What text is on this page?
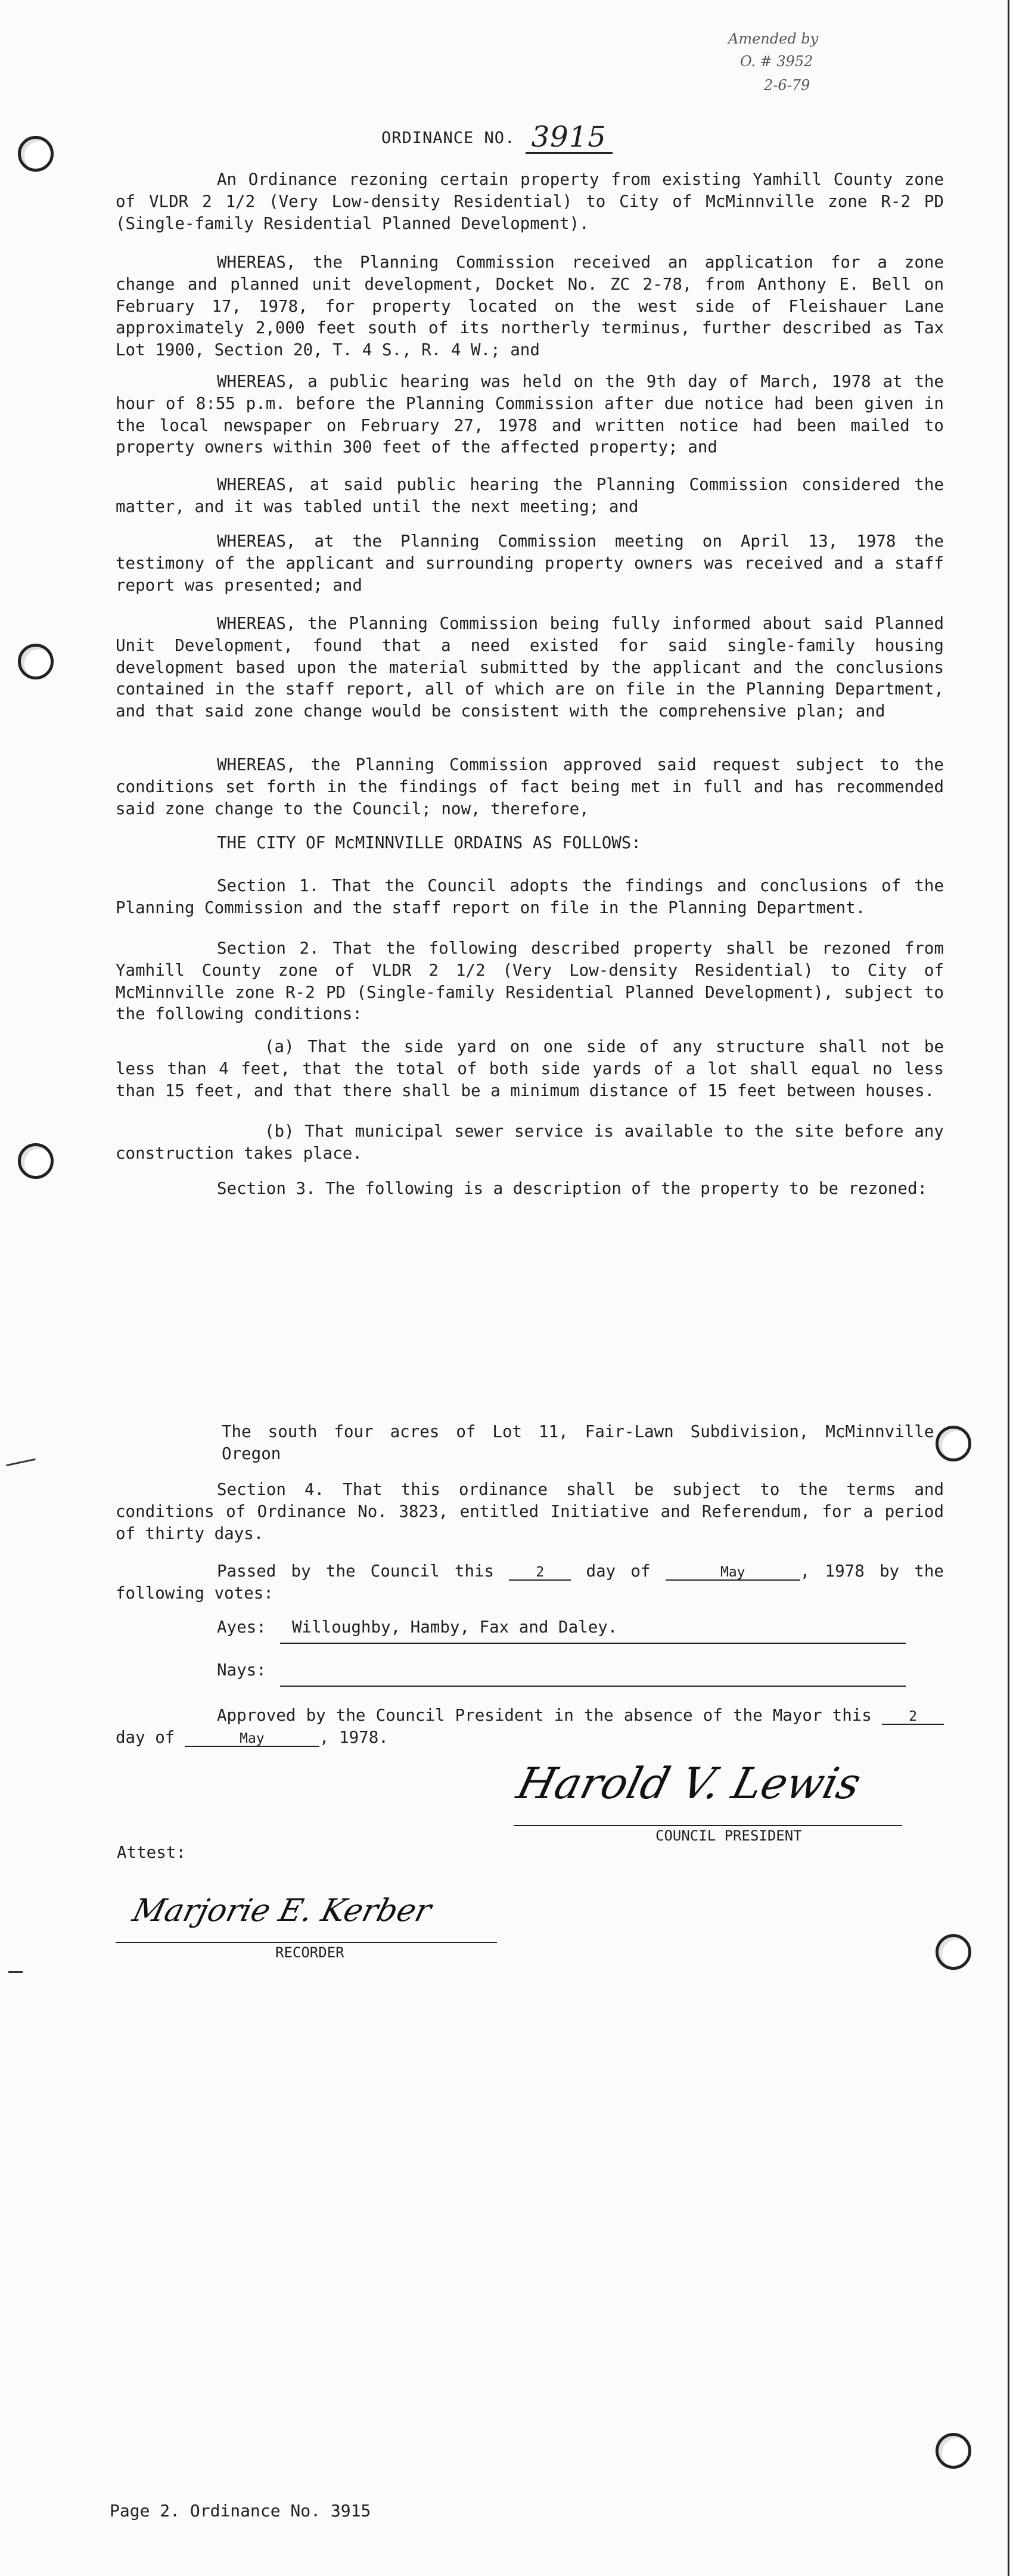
Amended by
O. # 3952
2-6-79
ORDINANCE NO. 3915

An Ordinance rezoning certain property from existing Yamhill County zone of VLDR 2 1/2 (Very Low-density Residential) to City of McMinnville zone R-2 PD (Single-family Residential Planned Development).

WHEREAS, the Planning Commission received an application for a zone change and planned unit development, Docket No. ZC 2-78, from Anthony E. Bell on February 17, 1978, for property located on the west side of Fleishauer Lane approximately 2,000 feet south of its northerly terminus, further described as Tax Lot 1900, Section 20, T. 4 S., R. 4 W.; and

WHEREAS, a public hearing was held on the 9th day of March, 1978 at the hour of 8:55 p.m. before the Planning Commission after due notice had been given in the local newspaper on February 27, 1978 and written notice had been mailed to property owners within 300 feet of the affected property; and

WHEREAS, at said public hearing the Planning Commission considered the matter, and it was tabled until the next meeting; and

WHEREAS, at the Planning Commission meeting on April 13, 1978 the testimony of the applicant and surrounding property owners was received and a staff report was presented; and

WHEREAS, the Planning Commission being fully informed about said Planned Unit Development, found that a need existed for said single-family housing development based upon the material submitted by the applicant and the conclusions contained in the staff report, all of which are on file in the Planning Department, and that said zone change would be consistent with the comprehensive plan; and

WHEREAS, the Planning Commission approved said request subject to the conditions set forth in the findings of fact being met in full and has recommended said zone change to the Council; now, therefore,

THE CITY OF McMINNVILLE ORDAINS AS FOLLOWS:

Section 1. That the Council adopts the findings and conclusions of the Planning Commission and the staff report on file in the Planning Department.

Section 2. That the following described property shall be rezoned from Yamhill County zone of VLDR 2 1/2 (Very Low-density Residential) to City of McMinnville zone R-2 PD (Single-family Residential Planned Development), subject to the following conditions:

(a) That the side yard on one side of any structure shall not be less than 4 feet, that the total of both side yards of a lot shall equal no less than 15 feet, and that there shall be a minimum distance of 15 feet between houses.

(b) That municipal sewer service is available to the site before any construction takes place.

Section 3. The following is a description of the property to be rezoned:

The south four acres of Lot 11, Fair-Lawn Subdivision, McMinnville, Oregon

Section 4. That this ordinance shall be subject to the terms and conditions of Ordinance No. 3823, entitled Initiative and Referendum, for a period of thirty days.

Passed by the Council this	2	day of	May	, 1978 by the following votes:

Ayes: Willoughby, Hamby, Fax and Daley.
Nays:

Approved by the Council President in the absence of the Mayor this	2 day of	May	, 1978.

Harold V. Lewis
COUNCIL PRESIDENT
Attest:
Marjorie E. Kerber
RECORDER
Page 2. Ordinance No. 3915
